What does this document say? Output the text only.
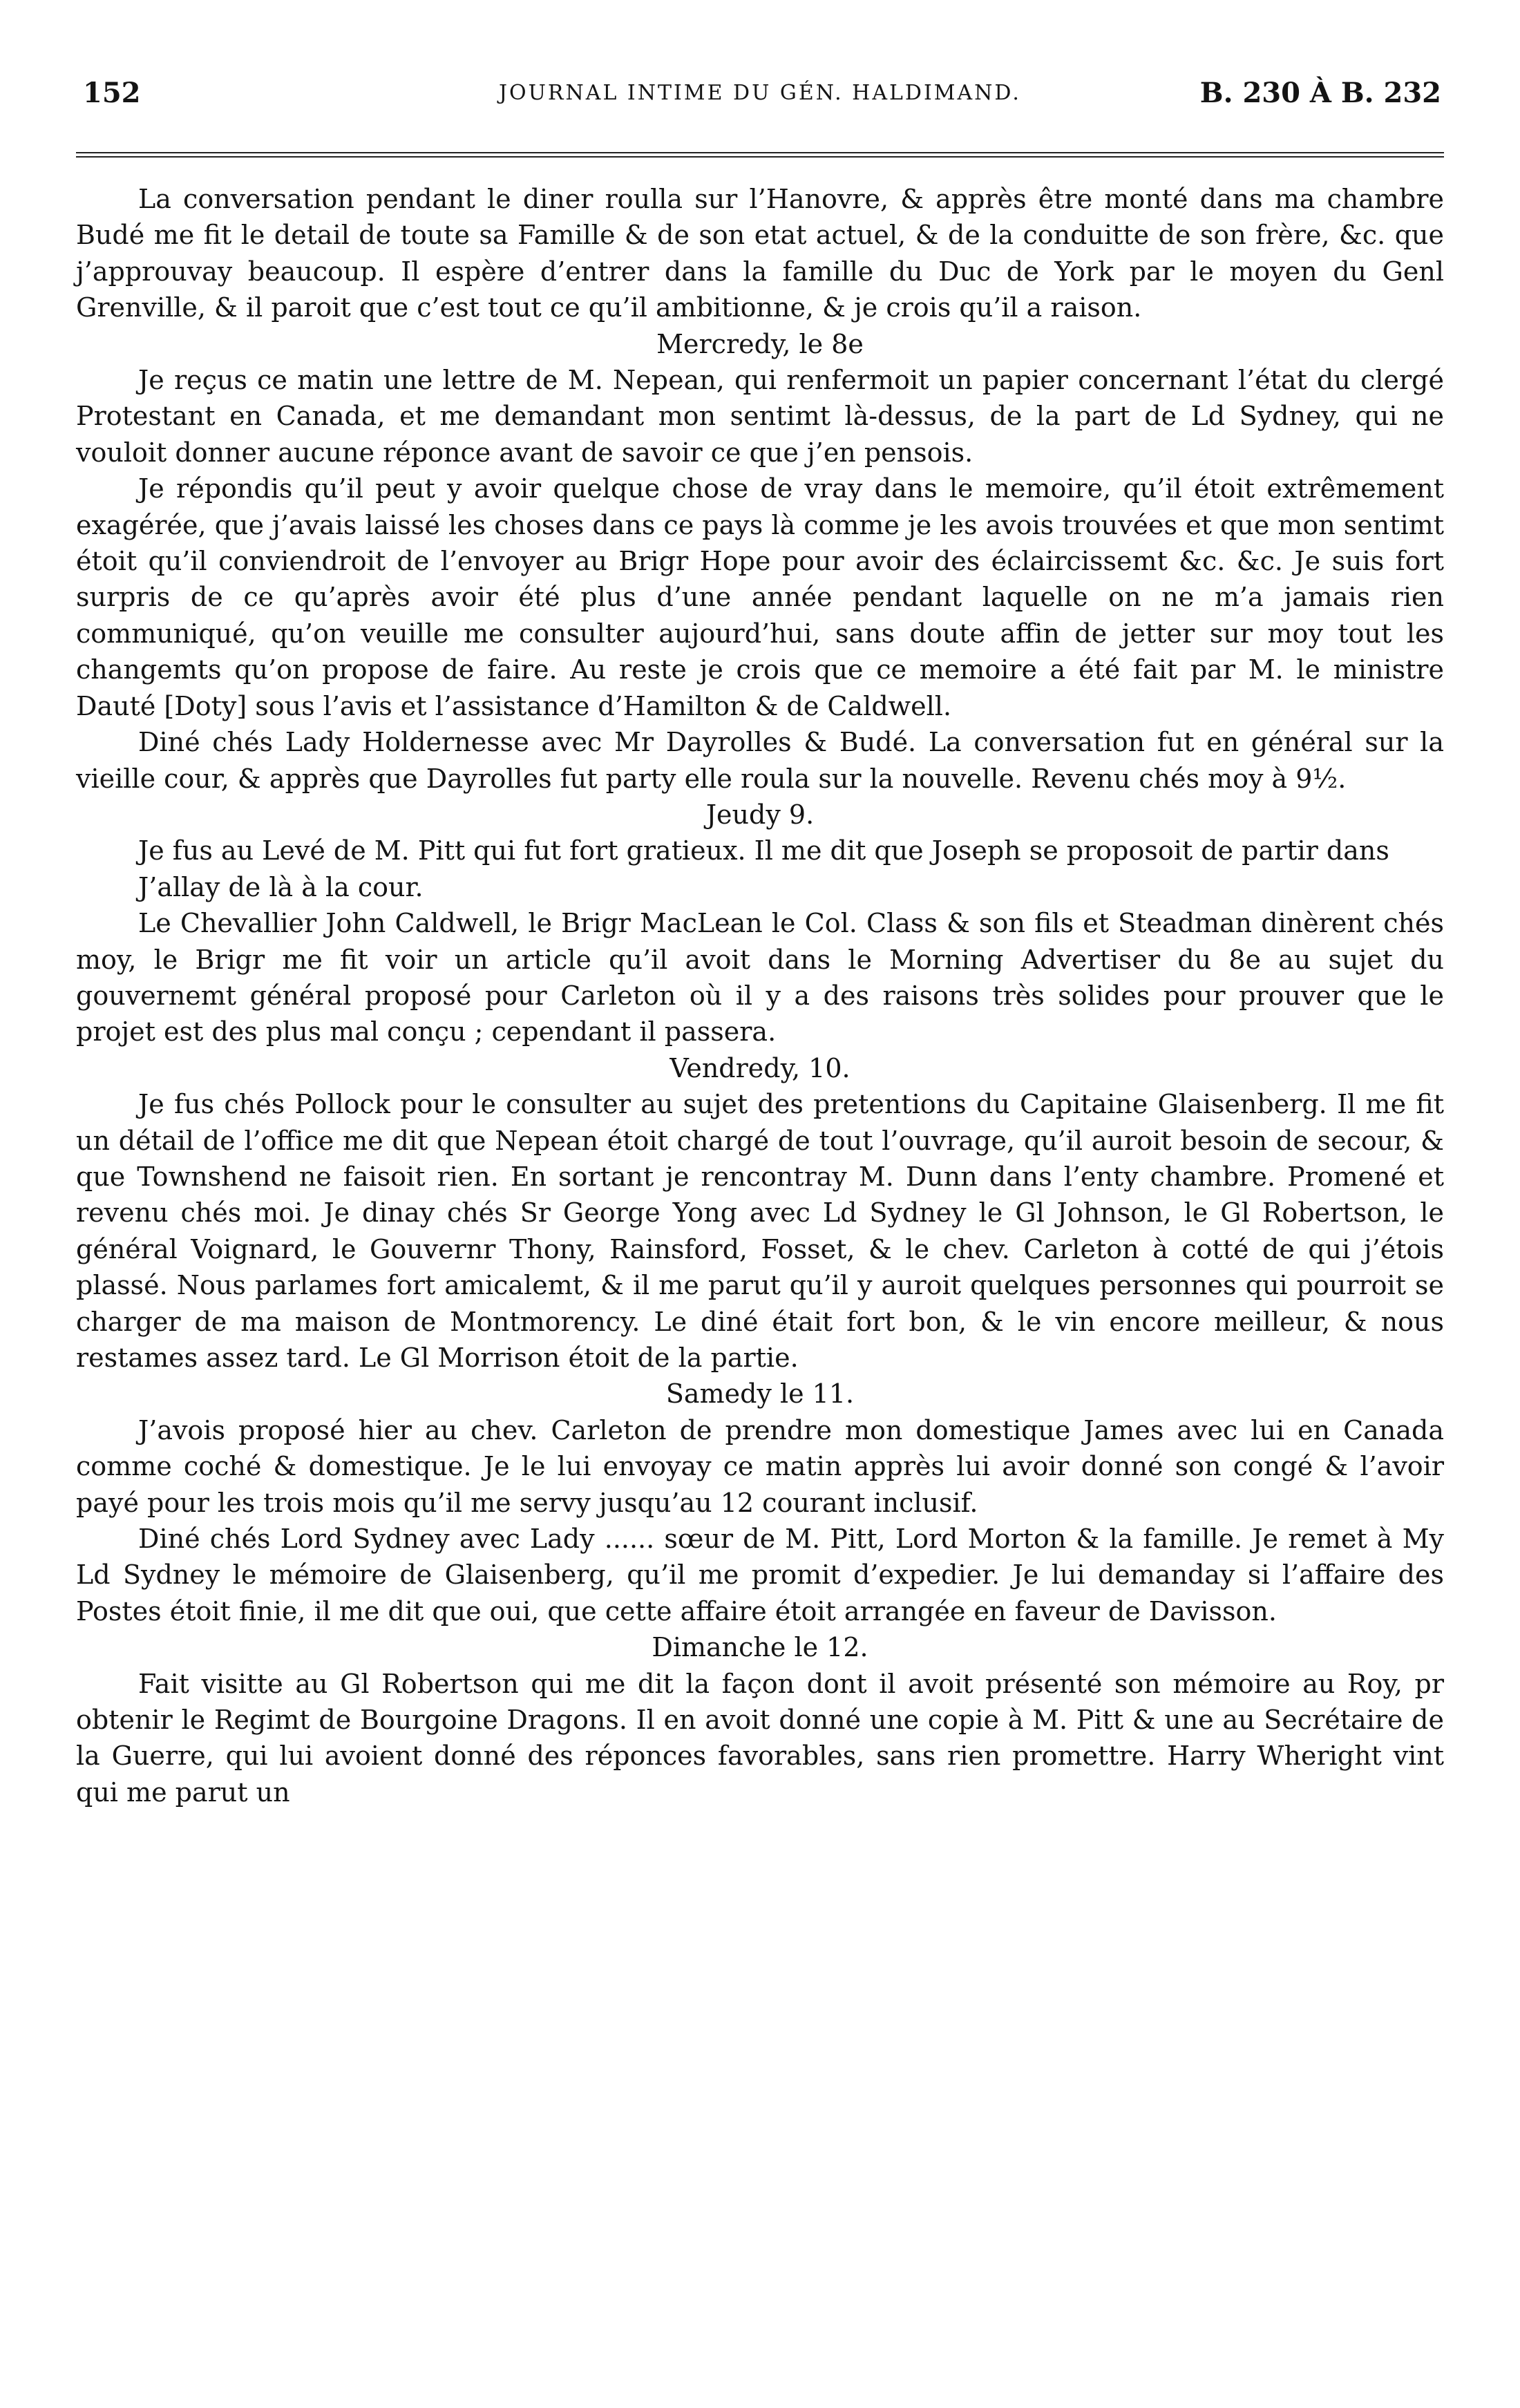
152	JOURNAL INTIME DU GÉN. HALDIMAND.	B. 230 À B. 232

La conversation pendant le diner roulla sur l’Hanovre, & apprès être monté dans ma chambre Budé me fit le detail de toute sa Famille & de son etat actuel, & de la conduitte de son frère, &c. que j’approuvay beaucoup. Il espère d’entrer dans la famille du Duc de York par le moyen du Genl Grenville, & il paroit que c’est tout ce qu’il ambitionne, & je crois qu’il a raison.

Mercredy, le 8e

Je reçus ce matin une lettre de M. Nepean, qui renfermoit un papier concernant l’état du clergé Protestant en Canada, et me demandant mon sentimt là-dessus, de la part de Ld Sydney, qui ne vouloit donner aucune réponce avant de savoir ce que j’en pensois.

Je répondis qu’il peut y avoir quelque chose de vray dans le memoire, qu’il étoit extrêmement exagérée, que j’avais laissé les choses dans ce pays là comme je les avois trouvées et que mon sentimt étoit qu’il conviendroit de l’envoyer au Brigr Hope pour avoir des éclaircissemt &c. &c. Je suis fort surpris de ce qu’après avoir été plus d’une année pendant laquelle on ne m’a jamais rien communiqué, qu’on veuille me consulter aujourd’hui, sans doute affin de jetter sur moy tout les changemts qu’on propose de faire. Au reste je crois que ce memoire a été fait par M. le ministre Dauté [Doty] sous l’avis et l’assistance d’Hamilton & de Caldwell.

Diné chés Lady Holdernesse avec Mr Dayrolles & Budé. La conversation fut en général sur la vieille cour, & apprès que Dayrolles fut party elle roula sur la nouvelle. Revenu chés moy à 9½.

Jeudy 9.

Je fus au Levé de M. Pitt qui fut fort gratieux. Il me dit que Joseph se proposoit de partir dans

J’allay de là à la cour.

Le Chevallier John Caldwell, le Brigr MacLean le Col. Class & son fils et Steadman dinèrent chés moy, le Brigr me fit voir un article qu’il avoit dans le Morning Advertiser du 8e au sujet du gouvernemt général proposé pour Carleton où il y a des raisons très solides pour prouver que le projet est des plus mal conçu ; cependant il passera.

Vendredy, 10.

Je fus chés Pollock pour le consulter au sujet des pretentions du Capitaine Glaisenberg. Il me fit un détail de l’office me dit que Nepean étoit chargé de tout l’ouvrage, qu’il auroit besoin de secour, & que Townshend ne faisoit rien. En sortant je rencontray M. Dunn dans l’enty chambre. Promené et revenu chés moi. Je dinay chés Sr George Yong avec Ld Sydney le Gl Johnson, le Gl Robertson, le général Voignard, le Gouvernr Thony, Rainsford, Fosset, & le chev. Carleton à cotté de qui j’étois plassé. Nous parlames fort amicalemt, & il me parut qu’il y auroit quelques personnes qui pourroit se charger de ma maison de Montmorency. Le diné était fort bon, & le vin encore meilleur, & nous restames assez tard. Le Gl Morrison étoit de la partie.

Samedy le 11.

J’avois proposé hier au chev. Carleton de prendre mon domestique James avec lui en Canada comme coché & domestique. Je le lui envoyay ce matin apprès lui avoir donné son congé & l’avoir payé pour les trois mois qu’il me servy jusqu’au 12 courant inclusif.

Diné chés Lord Sydney avec Lady ...... sœur de M. Pitt, Lord Morton & la famille. Je remet à My Ld Sydney le mémoire de Glaisenberg, qu’il me promit d’expedier. Je lui demanday si l’affaire des Postes étoit finie, il me dit que oui, que cette affaire étoit arrangée en faveur de Davisson.

Dimanche le 12.

Fait visitte au Gl Robertson qui me dit la façon dont il avoit présenté son mémoire au Roy, pr obtenir le Regimt de Bourgoine Dragons. Il en avoit donné une copie à M. Pitt & une au Secrétaire de la Guerre, qui lui avoient donné des réponces favorables, sans rien promettre. Harry Wheright vint qui me parut un
